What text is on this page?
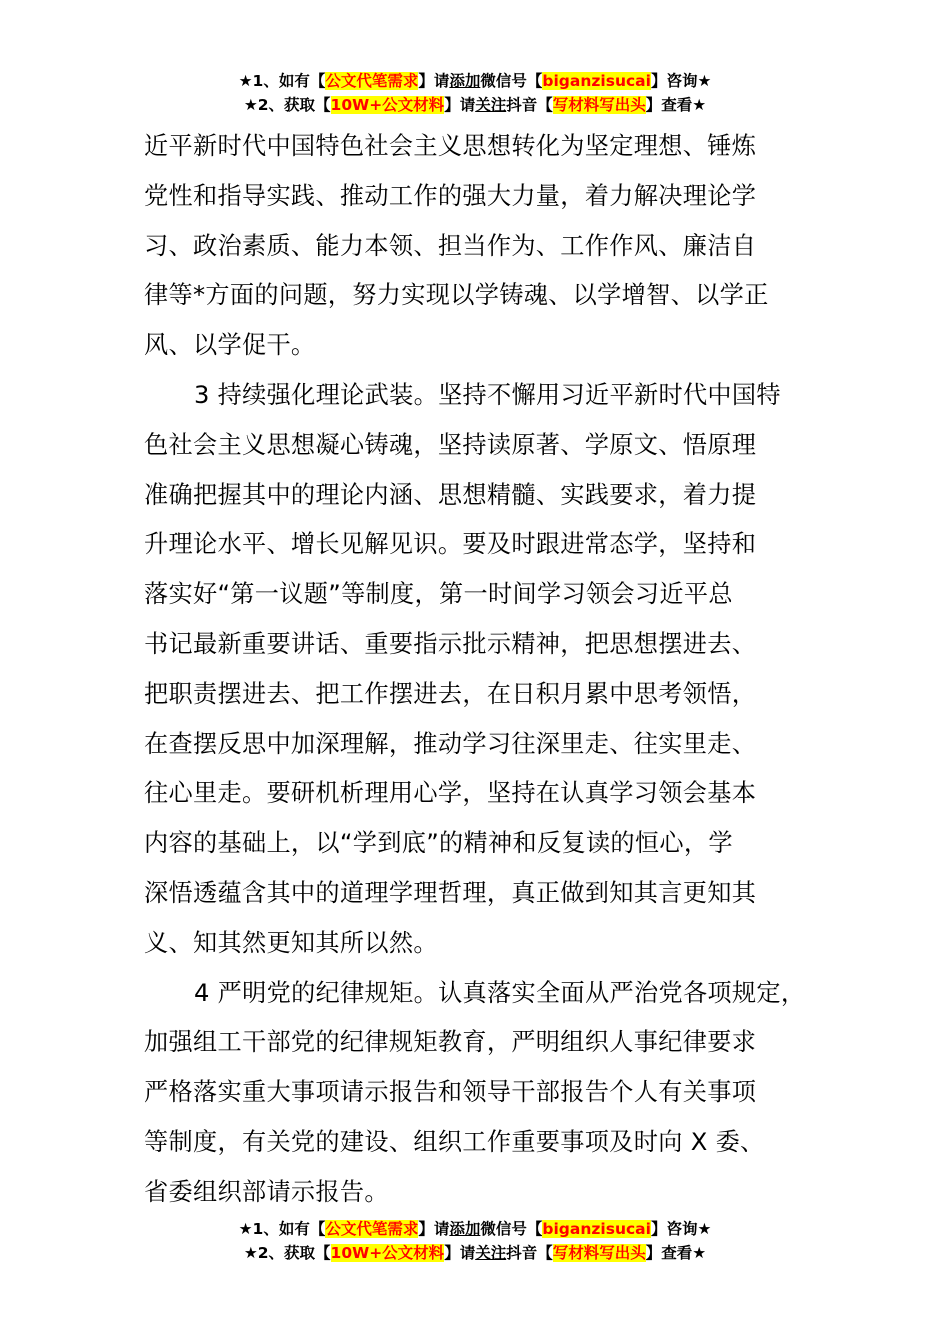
★1、如有【公文代笔需求】请添加微信号【biganzisucai】咨询★
★2、获取【10W+公文材料】请关注抖音【写材料写出头】查看★
近平新时代中国特色社会主义思想转化为坚定理想、锤炼
党性和指导实践、推动工作的强大力量，着力解决理论学
习、政治素质、能力本领、担当作为、工作作风、廉洁自
律等*方面的问题，努力实现以学铸魂、以学增智、以学正
风、以学促干。
3 持续强化理论武装。坚持不懈用习近平新时代中国特
色社会主义思想凝心铸魂，坚持读原著、学原文、悟原理
准确把握其中的理论内涵、思想精髓、实践要求，着力提
升理论水平、增长见解见识。要及时跟进常态学，坚持和
落实好“第一议题”等制度，第一时间学习领会习近平总
书记最新重要讲话、重要指示批示精神，把思想摆进去、
把职责摆进去、把工作摆进去，在日积月累中思考领悟，
在查摆反思中加深理解，推动学习往深里走、往实里走、
往心里走。要研机析理用心学，坚持在认真学习领会基本
内容的基础上，以“学到底”的精神和反复读的恒心，学
深悟透蕴含其中的道理学理哲理，真正做到知其言更知其
义、知其然更知其所以然。
4 严明党的纪律规矩。认真落实全面从严治党各项规定，
加强组工干部党的纪律规矩教育，严明组织人事纪律要求
严格落实重大事项请示报告和领导干部报告个人有关事项
等制度，有关党的建设、组织工作重要事项及时向 X 委、
省委组织部请示报告。
★1、如有【公文代笔需求】请添加微信号【biganzisucai】咨询★
★2、获取【10W+公文材料】请关注抖音【写材料写出头】查看★
